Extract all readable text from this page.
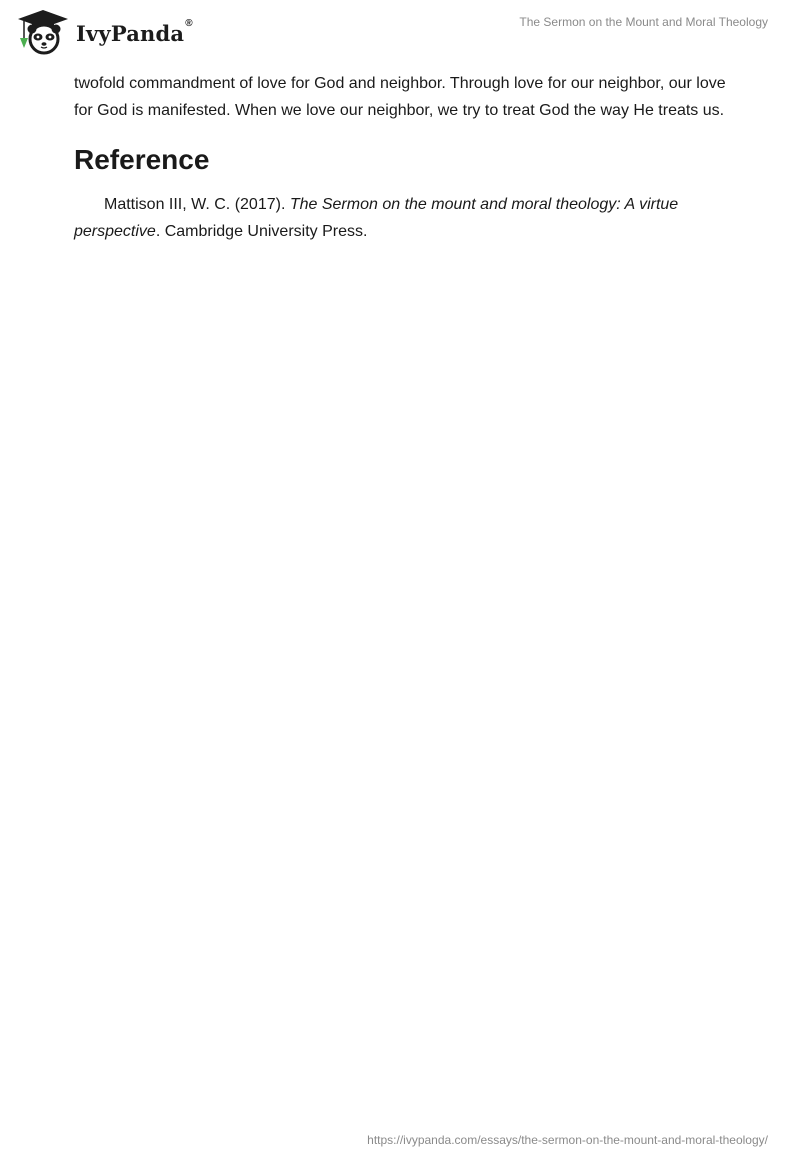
IvyPanda ®	The Sermon on the Mount and Moral Theology

twofold commandment of love for God and neighbor. Through love for our neighbor, our love for God is manifested. When we love our neighbor, we try to treat God the way He treats us.

Reference

Mattison III, W. C. (2017). The Sermon on the mount and moral theology: A virtue perspective. Cambridge University Press.

https://ivypanda.com/essays/the-sermon-on-the-mount-and-moral-theology/
